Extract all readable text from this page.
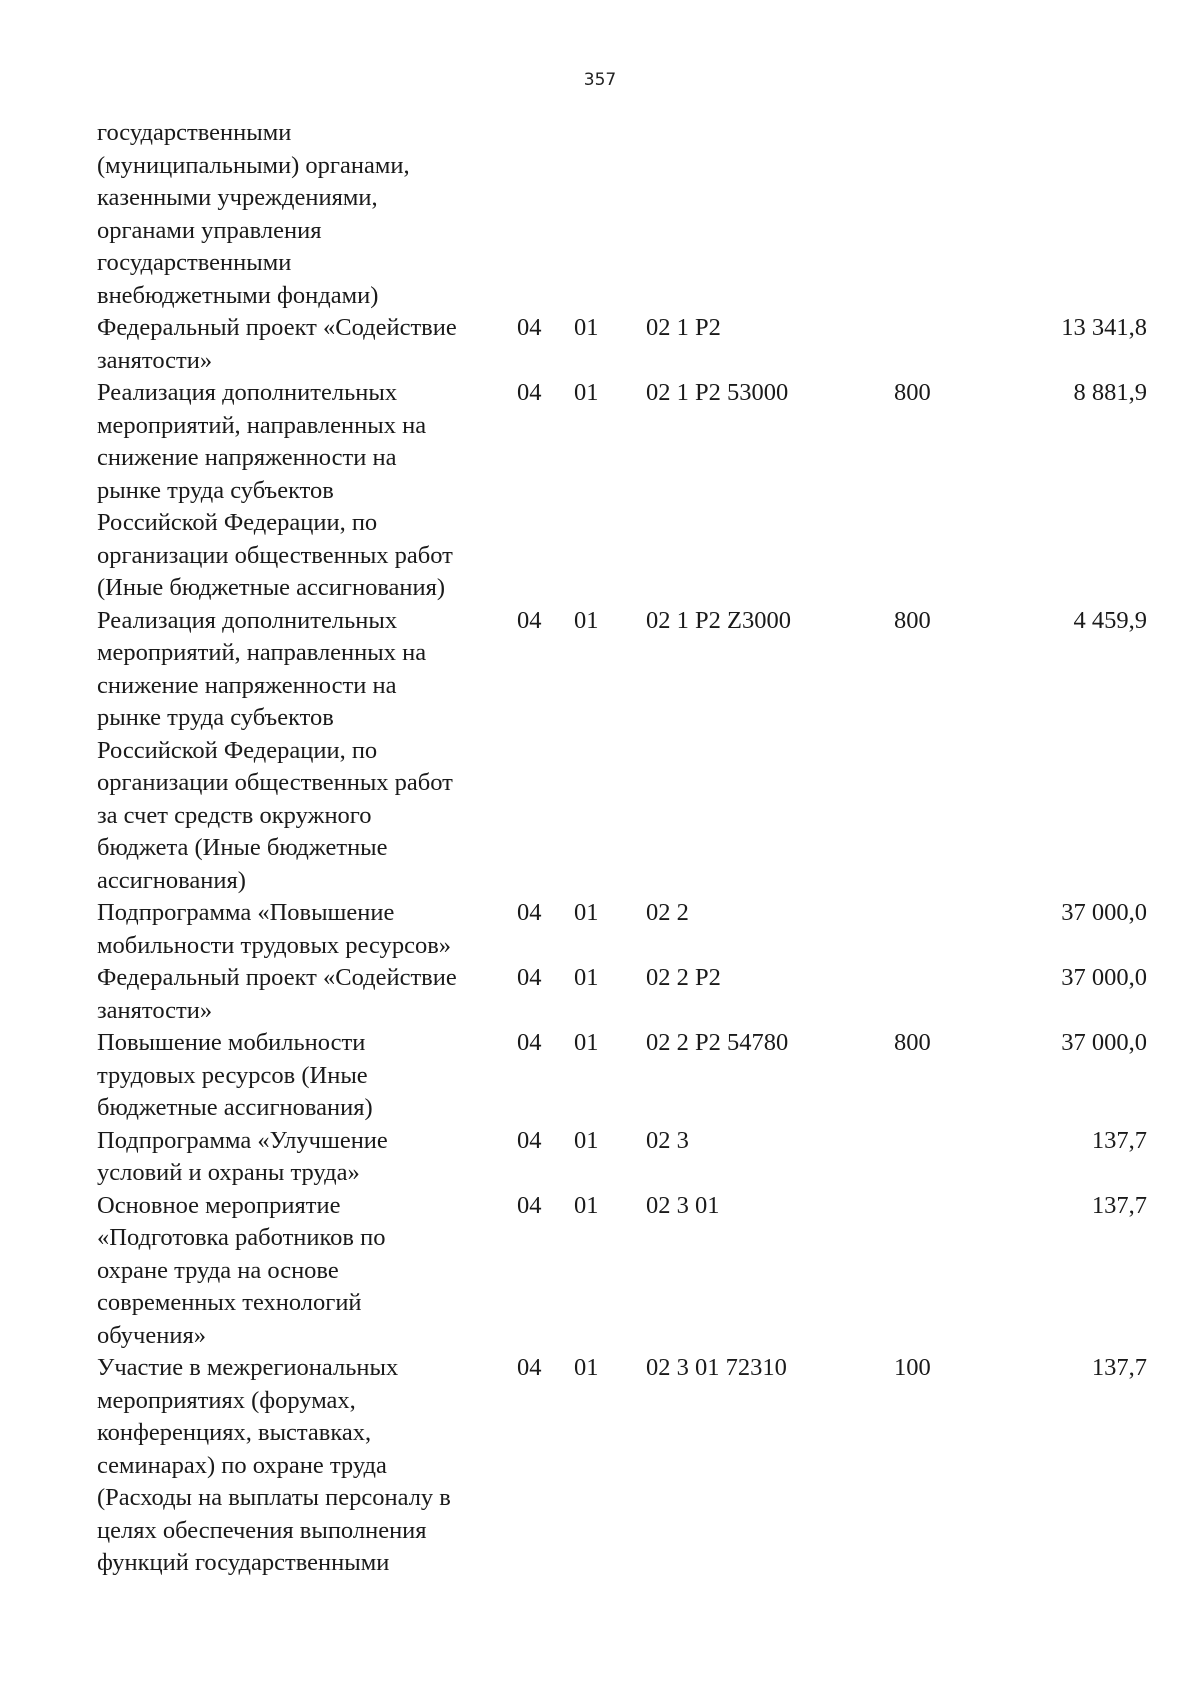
357
государственными
(муниципальными) органами,
казенными учреждениями,
органами управления
государственными
внебюджетными фондами)
Федеральный проект «Содействие
занятости»
04	01	02 1 P2	13 341,8
Реализация дополнительных
мероприятий, направленных на
снижение напряженности на
рынке труда субъектов
Российской Федерации, по
организации общественных работ
(Иные бюджетные ассигнования)
04	01	02 1 P2 53000	800	8 881,9
Реализация дополнительных
мероприятий, направленных на
снижение напряженности на
рынке труда субъектов
Российской Федерации, по
организации общественных работ
за счет средств окружного
бюджета (Иные бюджетные
ассигнования)
04	01	02 1 P2 Z3000	800	4 459,9
Подпрограмма «Повышение
мобильности трудовых ресурсов»
04	01	02 2	37 000,0
Федеральный проект «Содействие
занятости»
04	01	02 2 P2	37 000,0
Повышение мобильности
трудовых ресурсов (Иные
бюджетные ассигнования)
04	01	02 2 P2 54780	800	37 000,0
Подпрограмма «Улучшение
условий и охраны труда»
04	01	02 3	137,7
Основное мероприятие
«Подготовка работников по
охране труда на основе
современных технологий
обучения»
04	01	02 3 01	137,7
Участие в межрегиональных
мероприятиях (форумах,
конференциях, выставках,
семинарах) по охране труда
(Расходы на выплаты персоналу в
целях обеспечения выполнения
функций государственными
04	01	02 3 01 72310	100	137,7
